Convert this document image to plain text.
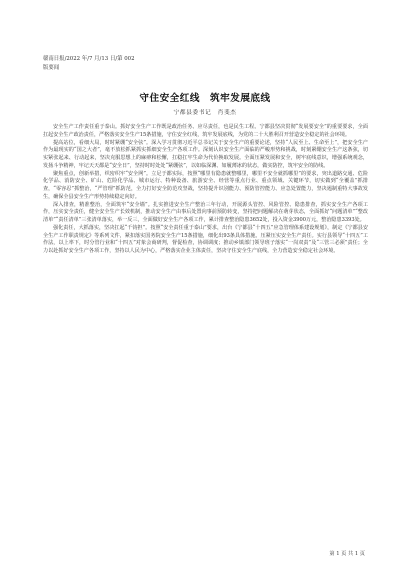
赣南日报/2022 年/7 月/13 日/第 002
版要闻
守住安全红线　筑牢发展底线
宁都县委书记　肖斐杰

安全生产工作责任重于泰山。抓好安全生产工作既是政治任务、应尽责任，也是民生工程。宁都县坚决贯彻“发展要安全”的重要要求，全面扛起安全生产政治责任，严格落实安全生产15条措施，守住安全红线，筑牢发展底线，为党的二十大胜利召开营造安全稳定的社会环境。

提高站位，看细大局，时时紧绷“安全弦”。深入学习贯彻习近平总书记关于安全生产的重要论述，坚持“人民至上、生命至上”，把安全生产作为最现实的“国之大者”，毫不放松抓紧抓实抓细安全生产各项工作。深刻认识安全生产面临的严峻形势和挑战，时刻紧绷安全生产这条弦，切实紧张起来、行动起来，坚决克服思想上的麻痹和松懈，扛稳扛牢生命为代价换取发展。全面压紧发展和安全，树牢底线意识，增强系统观念，发扬斗争精神，牢记天天都是“安全日”，坚持时时处处“紧绷弦”，以如临深渊、如履薄冰的状态，做实防控，筑牢安全的防线。

聚焦重点，创新举措，织密织牢“安全网”。立足于都实际，按照“哪里有隐患就整哪里，哪里不安全就抓哪里”的要求，突出道路交通、危险化学品、消防安全、矿山、危险化学品、城市运行、特种设备、旅游安全、经营等重点行业、重点领域、关键环节，切实做到“全覆盖”抓排查，“零容忍”抓整治，“严管理”抓防范，全力打好安全防范攻坚战，坚持提升识别能力、预防管控能力、应急处置能力，坚决遏制重特大事故发生，确保全县安全生产形势持续稳定向好。

深入排查，精准整治，全面筑牢“安全墙”。扎实推进安全生产整治三年行动，开展源头管控、风险管控、隐患排查，抓实安全生产各项工作，压实安全责任，健全安全生产长效机制，推动安全生产由事后处置向事前预防转变，坚持把问题解决在萌芽状态，全面抓好“问题清单”“整改清单”“责任清单”三张清单落实，举一反三，全面做好安全生产各项工作，累计排查整治隐患3652处，投入资金3900万元，整治隐患3393处。

强化责任，大抓落实，坚决扛起“千钧担”。按照“安全责任重于泰山”要求，出台《宁都县“十四五”应急管理体系建设规划》，制定《宁都县安全生产工作职责规定》等系列文件，紧扣落实国务院安全生产15条措施，细化出93条具体措施。压紧压实安全生产责任。实行县领导“十四五”工作法，以上率下，时分管行业和“十四五”对象会商研判，督促检查，协调调度；推动乡镇部门领导班子落实“一岗双责”及“三管三必须”责任；全力以赴抓好安全生产各项工作，坚持以人民为中心，严格落实企业主体责任，坚决守住安全生产底线，全力营造安全稳定社会环境。

第 1 页 共 1 页
